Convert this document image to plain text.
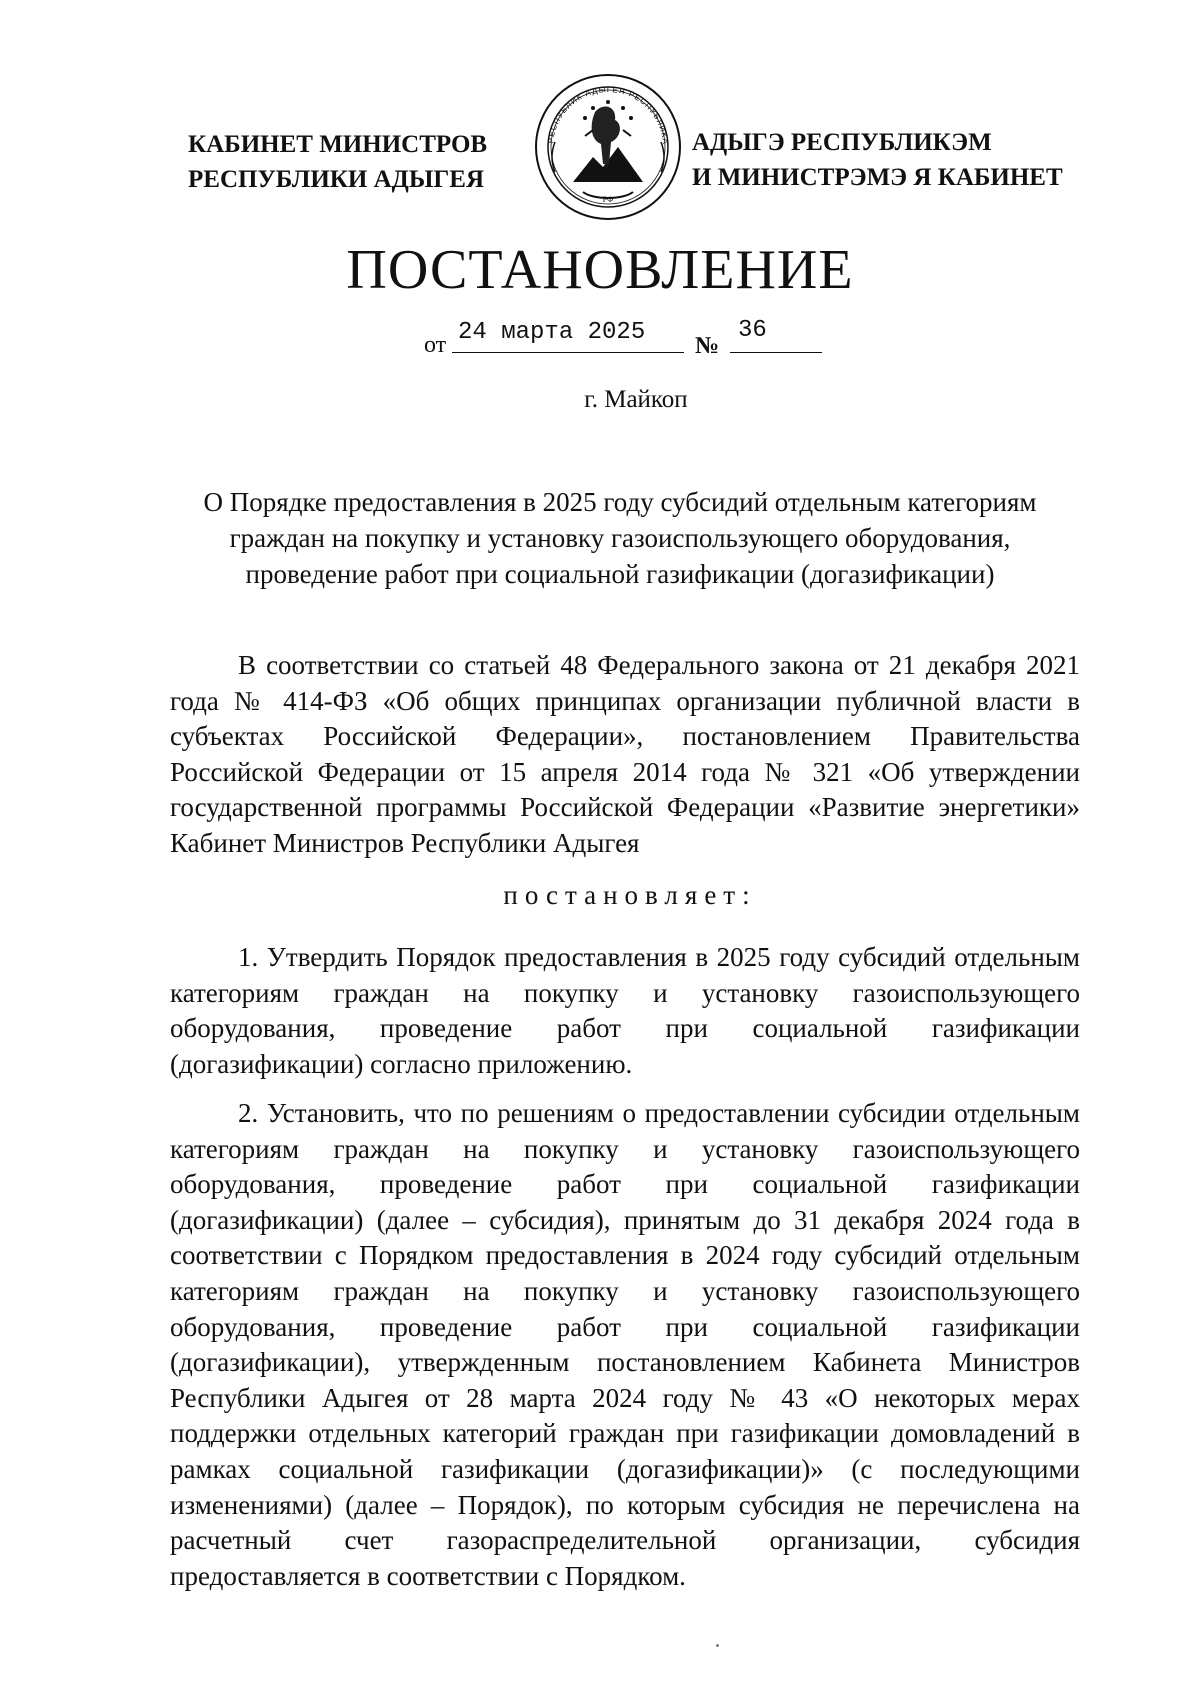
КАБИНЕТ МИНИСТРОВ
РЕСПУБЛИКИ АДЫГЕЯ
РФ
РЕСПУБЛИК АДЫГЕЯ РЕСПУБЛИКА АДЫГЭ РЕСПУБЛИКЭМ
И МИНИСТРЭМЭ Я КАБИНЕТ
ПОСТАНОВЛЕНИЕ
от 24 марта 2025	№
36
г. Майкоп
О Порядке предоставления в 2025 году субсидий отдельным категориям граждан на покупку и установку газоиспользующего оборудования, проведение работ при социальной газификации (догазификации)
В соответствии со статьей 48 Федерального закона от 21 декабря 2021 года № 414-ФЗ «Об общих принципах организации публичной власти в субъектах Российской Федерации», постановлением Правительства Российской Федерации от 15 апреля 2014 года № 321 «Об утверждении государственной программы Российской Федерации «Развитие энергетики» Кабинет Министров Республики Адыгея
постановляет:
1. Утвердить Порядок предоставления в 2025 году субсидий отдельным категориям граждан на покупку и установку газоиспользующего оборудования, проведение работ при социальной газификации (догазификации) согласно приложению.
2. Установить, что по решениям о предоставлении субсидии отдельным категориям граждан на покупку и установку газоиспользующего оборудования, проведение работ при социальной газификации (догазификации) (далее – субсидия), принятым до 31 декабря 2024 года в соответствии с Порядком предоставления в 2024 году субсидий отдельным категориям граждан на покупку и установку газоиспользующего оборудования, проведение работ при социальной газификации (догазификации), утвержденным постановлением Кабинета Министров Республики Адыгея от 28 марта 2024 году № 43 «О некоторых мерах поддержки отдельных категорий граждан при газификации домовладений в рамках социальной газификации (догазификации)» (с последующими изменениями) (далее – Порядок), по которым субсидия не перечислена на расчетный счет газораспределительной организации, субсидия предоставляется в соответствии с Порядком.
